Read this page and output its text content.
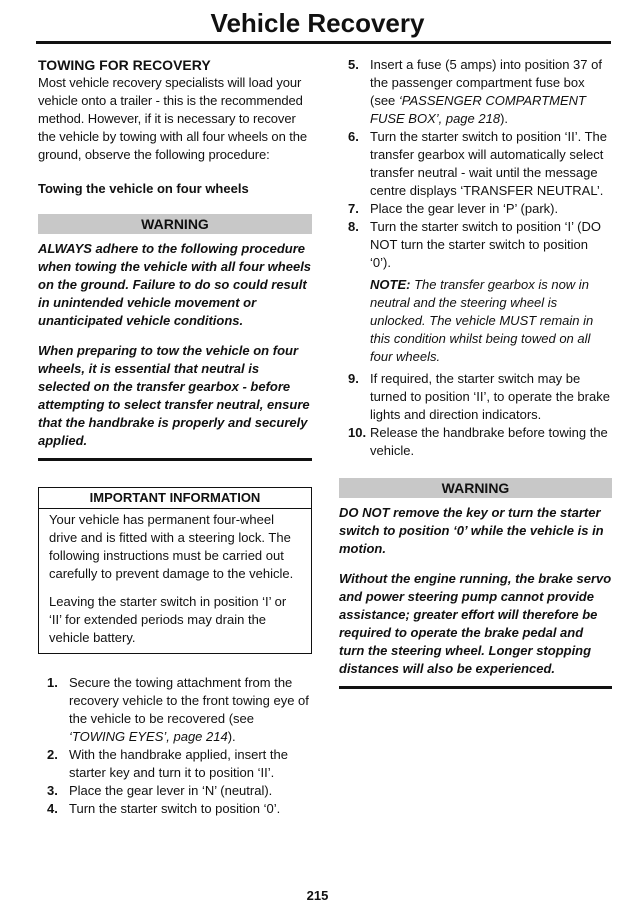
Vehicle Recovery
TOWING FOR RECOVERY

Most vehicle recovery specialists will load your vehicle onto a trailer - this is the recommended method. However, if it is necessary to recover the vehicle by towing with all four wheels on the ground, observe the following procedure:

Towing the vehicle on four wheels
WARNING

ALWAYS adhere to the following procedure when towing the vehicle with all four wheels on the ground. Failure to do so could result in unintended vehicle movement or unanticipated vehicle conditions.

When preparing to tow the vehicle on four wheels, it is essential that neutral is selected on the transfer gearbox - before attempting to select transfer neutral, ensure that the handbrake is properly and securely applied.

IMPORTANT INFORMATION

Your vehicle has permanent four-wheel drive and is fitted with a steering lock. The following instructions must be carried out carefully to prevent damage to the vehicle.

Leaving the starter switch in position ‘I’ or ‘II’ for extended periods may drain the vehicle battery.

1. Secure the towing attachment from the recovery vehicle to the front towing eye of the vehicle to be recovered (see ‘TOWING EYES’, page 214).
2. With the handbrake applied, insert the starter key and turn it to position ‘II’.
3. Place the gear lever in ‘N’ (neutral).
4. Turn the starter switch to position ‘0’.
5. Insert a fuse (5 amps) into position 37 of the passenger compartment fuse box (see ‘PASSENGER COMPARTMENT FUSE BOX’, page 218).
6. Turn the starter switch to position ‘II’. The transfer gearbox will automatically select transfer neutral - wait until the message centre displays ‘TRANSFER NEUTRAL’.
7. Place the gear lever in ‘P’ (park).
8. Turn the starter switch to position ‘I’ (DO NOT turn the starter switch to position ‘0’).
NOTE: The transfer gearbox is now in neutral and the steering wheel is unlocked. The vehicle MUST remain in this condition whilst being towed on all four wheels.
9. If required, the starter switch may be turned to position ‘II’, to operate the brake lights and direction indicators.
10. Release the handbrake before towing the vehicle.
WARNING

DO NOT remove the key or turn the starter switch to position ‘0’ while the vehicle is in motion.

Without the engine running, the brake servo and power steering pump cannot provide assistance; greater effort will therefore be required to operate the brake pedal and turn the steering wheel. Longer stopping distances will also be experienced.

215
